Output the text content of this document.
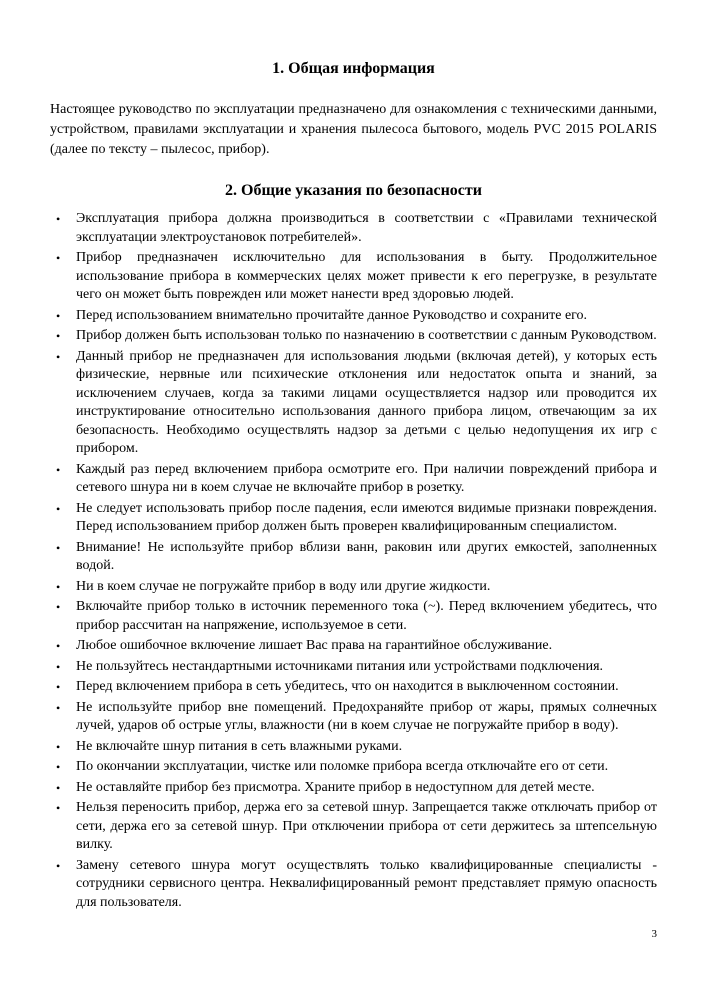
1. Общая информация

Настоящее руководство по эксплуатации предназначено для ознакомления с техническими данными, устройством, правилами эксплуатации и хранения пылесоса бытового, модель PVC 2015 POLARIS (далее по тексту – пылесос, прибор).

2. Общие указания по безопасности
• Эксплуатация прибора должна производиться в соответствии с «Правилами технической эксплуатации электроустановок потребителей».
• Прибор предназначен исключительно для использования в быту. Продолжительное использование прибора в коммерческих целях может привести к его перегрузке, в результате чего он может быть поврежден или может нанести вред здоровью людей.
• Перед использованием внимательно прочитайте данное Руководство и сохраните его.
• Прибор должен быть использован только по назначению в соответствии с данным Руководством.
• Данный прибор не предназначен для использования людьми (включая детей), у которых есть физические, нервные или психические отклонения или недостаток опыта и знаний, за исключением случаев, когда за такими лицами осуществляется надзор или проводится их инструктирование относительно использования данного прибора лицом, отвечающим за их безопасность. Необходимо осуществлять надзор за детьми с целью недопущения их игр с прибором.
• Каждый раз перед включением прибора осмотрите его. При наличии повреждений прибора и сетевого шнура ни в коем случае не включайте прибор в розетку.
• Не следует использовать прибор после падения, если имеются видимые признаки повреждения. Перед использованием прибор должен быть проверен квалифицированным специалистом.
• Внимание! Не используйте прибор вблизи ванн, раковин или других емкостей, заполненных водой.
• Ни в коем случае не погружайте прибор в воду или другие жидкости.
• Включайте прибор только в источник переменного тока (~). Перед включением убедитесь, что прибор рассчитан на напряжение, используемое в сети.
• Любое ошибочное включение лишает Вас права на гарантийное обслуживание.
• Не пользуйтесь нестандартными источниками питания или устройствами подключения.
• Перед включением прибора в сеть убедитесь, что он находится в выключенном состоянии.
• Не используйте прибор вне помещений. Предохраняйте прибор от жары, прямых солнечных лучей, ударов об острые углы, влажности (ни в коем случае не погружайте прибор в воду).
• Не включайте шнур питания в сеть влажными руками.
• По окончании эксплуатации, чистке или поломке прибора всегда отключайте его от сети.
• Не оставляйте прибор без присмотра. Храните прибор в недоступном для детей месте.
• Нельзя переносить прибор, держа его за сетевой шнур. Запрещается также отключать прибор от сети, держа его за сетевой шнур. При отключении прибора от сети держитесь за штепсельную вилку.
• Замену сетевого шнура могут осуществлять только квалифицированные специалисты - сотрудники сервисного центра. Неквалифицированный ремонт представляет прямую опасность для пользователя.
3
